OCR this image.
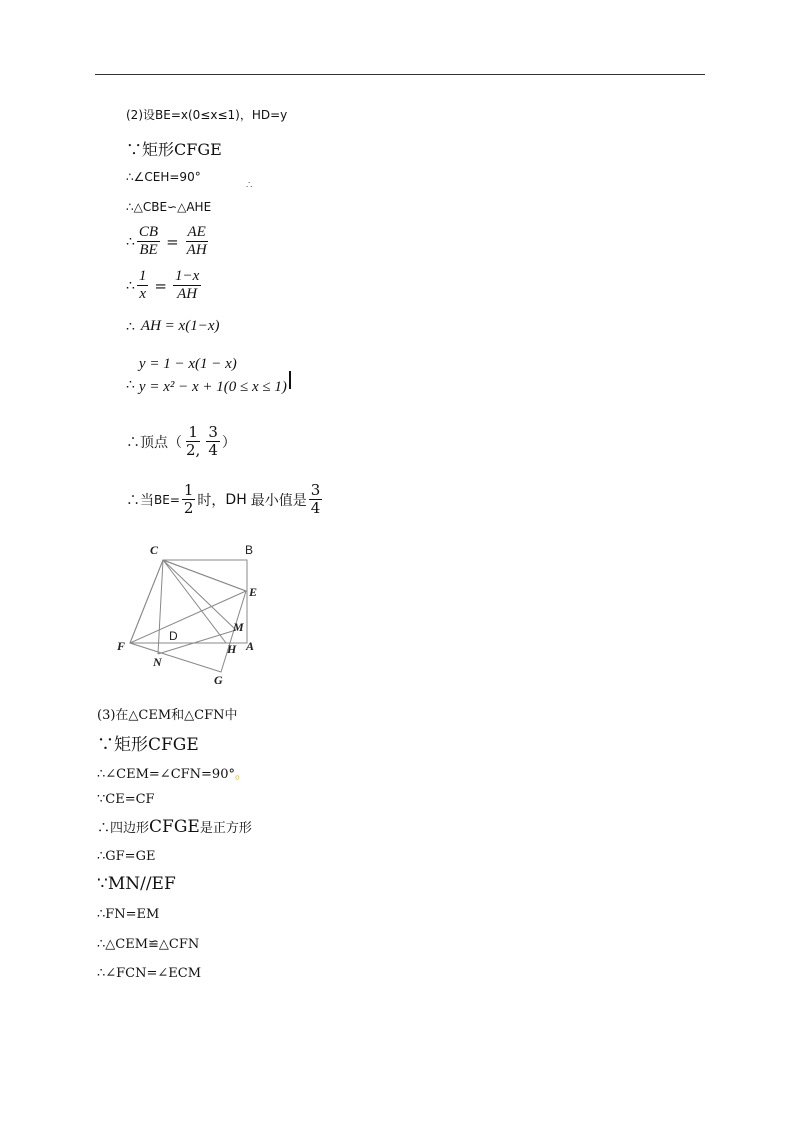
(2)设BE=x(0≤x≤1)，HD=y
∵矩形CFGE
∴∠CEH=90°
∴
∴△CBE∽△AHE
∴ $\frac{CB}{BE} = \frac{AE}{AH}$
∴ $\frac{1}{x} = \frac{1-x}{AH}$
∴ AH = x(1−x)
∴
y = 1 − x(1 − x)
y = x² − x + 1(0 ≤ x ≤ 1)
∴顶点（ $\frac{1}{2,} \frac{3}{4}$ ）
∴当 $BE= \frac{1}{2}$ 时， DH 最小值是 $\frac{3}{4}$
C	B
E
M
D
A
H
F
N
G
(3)在△CEM和△CFN中
∵矩形CFGE
∴∠CEM=∠CFN=90°。
∵CE=CF
∴四边形CFGE是正方形
∴GF=GE
∵MN//EF
∴FN=EM
∴△CEM≌△CFN
∴∠FCN=∠ECM
